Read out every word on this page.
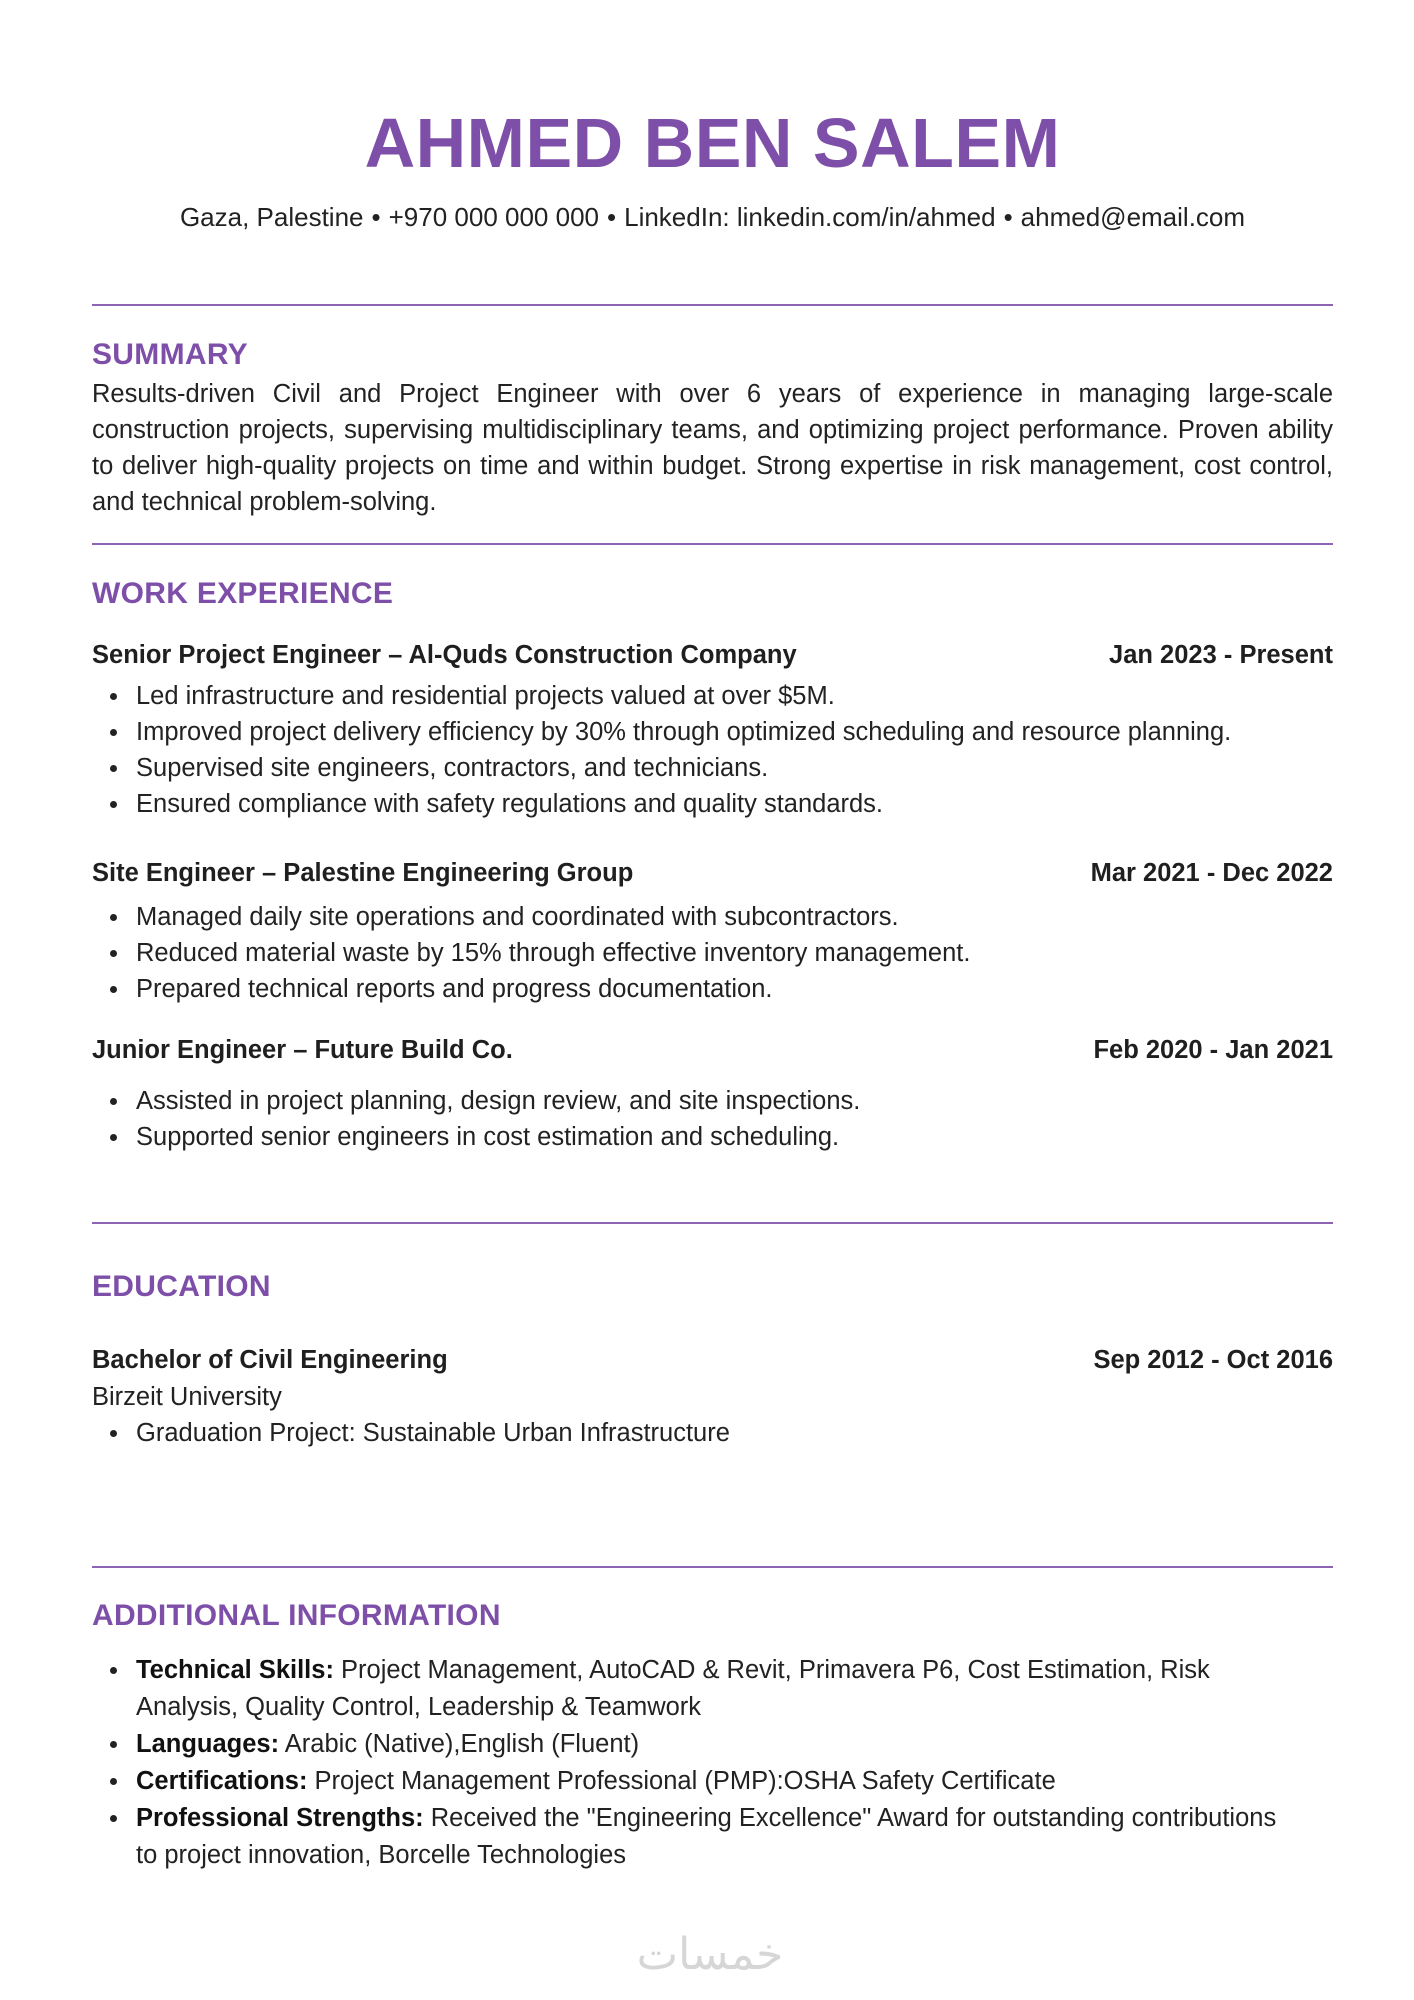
AHMED BEN SALEM
Gaza, Palestine • +970 000 000 000 • LinkedIn: linkedin.com/in/ahmed • ahmed@email.com
SUMMARY
Results-driven Civil and Project Engineer with over 6 years of experience in managing large-scale construction projects, supervising multidisciplinary teams, and optimizing project performance. Proven ability to deliver high-quality projects on time and within budget. Strong expertise in risk management, cost control, and technical problem-solving.
WORK EXPERIENCE
Senior Project Engineer – Al-Quds Construction Company	Jan 2023 - Present
Led infrastructure and residential projects valued at over $5M.
Improved project delivery efficiency by 30% through optimized scheduling and resource planning.
Supervised site engineers, contractors, and technicians.
Ensured compliance with safety regulations and quality standards.
Site Engineer – Palestine Engineering Group	Mar 2021 - Dec 2022
Managed daily site operations and coordinated with subcontractors.
Reduced material waste by 15% through effective inventory management.
Prepared technical reports and progress documentation.
Junior Engineer – Future Build Co.	Feb 2020 - Jan 2021
Assisted in project planning, design review, and site inspections.
Supported senior engineers in cost estimation and scheduling.
EDUCATION
Bachelor of Civil Engineering	Sep 2012 - Oct 2016
Birzeit University
Graduation Project: Sustainable Urban Infrastructure
ADDITIONAL INFORMATION
Technical Skills: Project Management, AutoCAD & Revit, Primavera P6, Cost Estimation, Risk Analysis, Quality Control, Leadership & Teamwork
Languages: Arabic (Native),English (Fluent)
Certifications: Project Management Professional (PMP):OSHA Safety Certificate
Professional Strengths: Received the "Engineering Excellence" Award for outstanding contributions to project innovation, Borcelle Technologies
خمسات
